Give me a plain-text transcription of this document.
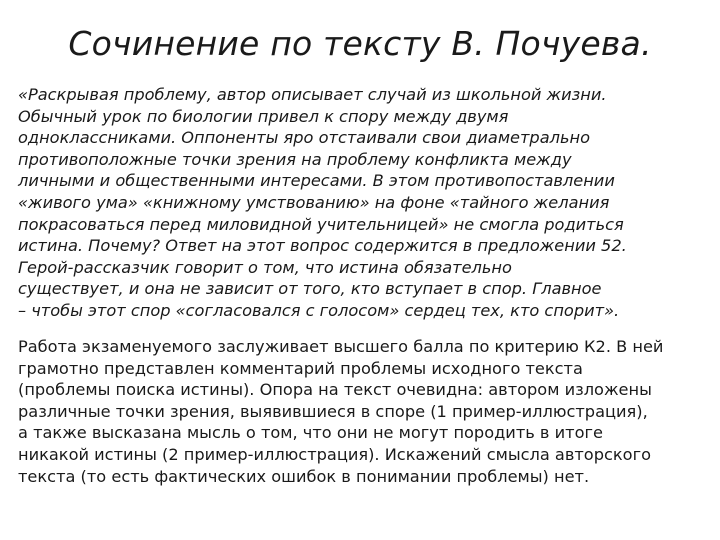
Сочинение по тексту В. Почуева.

«Раскрывая проблему, автор описывает случай из школьной жизни.
Обычный урок по биологии привел к спору между двумя
одноклассниками. Оппоненты яро отстаивали свои диаметрально
противоположные точки зрения на проблему конфликта между
личными и общественными интересами. В этом противопоставлении
«живого ума» «книжному умствованию» на фоне «тайного желания
покрасоваться перед миловидной учительницей» не смогла родиться
истина. Почему? Ответ на этот вопрос содержится в предложении 52.
Герой-рассказчик говорит о том, что истина обязательно
существует, и она не зависит от того, кто вступает в спор. Главное
– чтобы этот спор «согласовался с голосом» сердец тех, кто спорит».

Работа экзаменуемого заслуживает высшего балла по критерию К2. В ней
грамотно представлен комментарий проблемы исходного текста
(проблемы поиска истины). Опора на текст очевидна: автором изложены
различные точки зрения, выявившиеся в споре (1 пример-иллюстрация),
а также высказана мысль о том, что они не могут породить в итоге
никакой истины (2 пример-иллюстрация). Искажений смысла авторского
текста (то есть фактических ошибок в понимании проблемы) нет.
